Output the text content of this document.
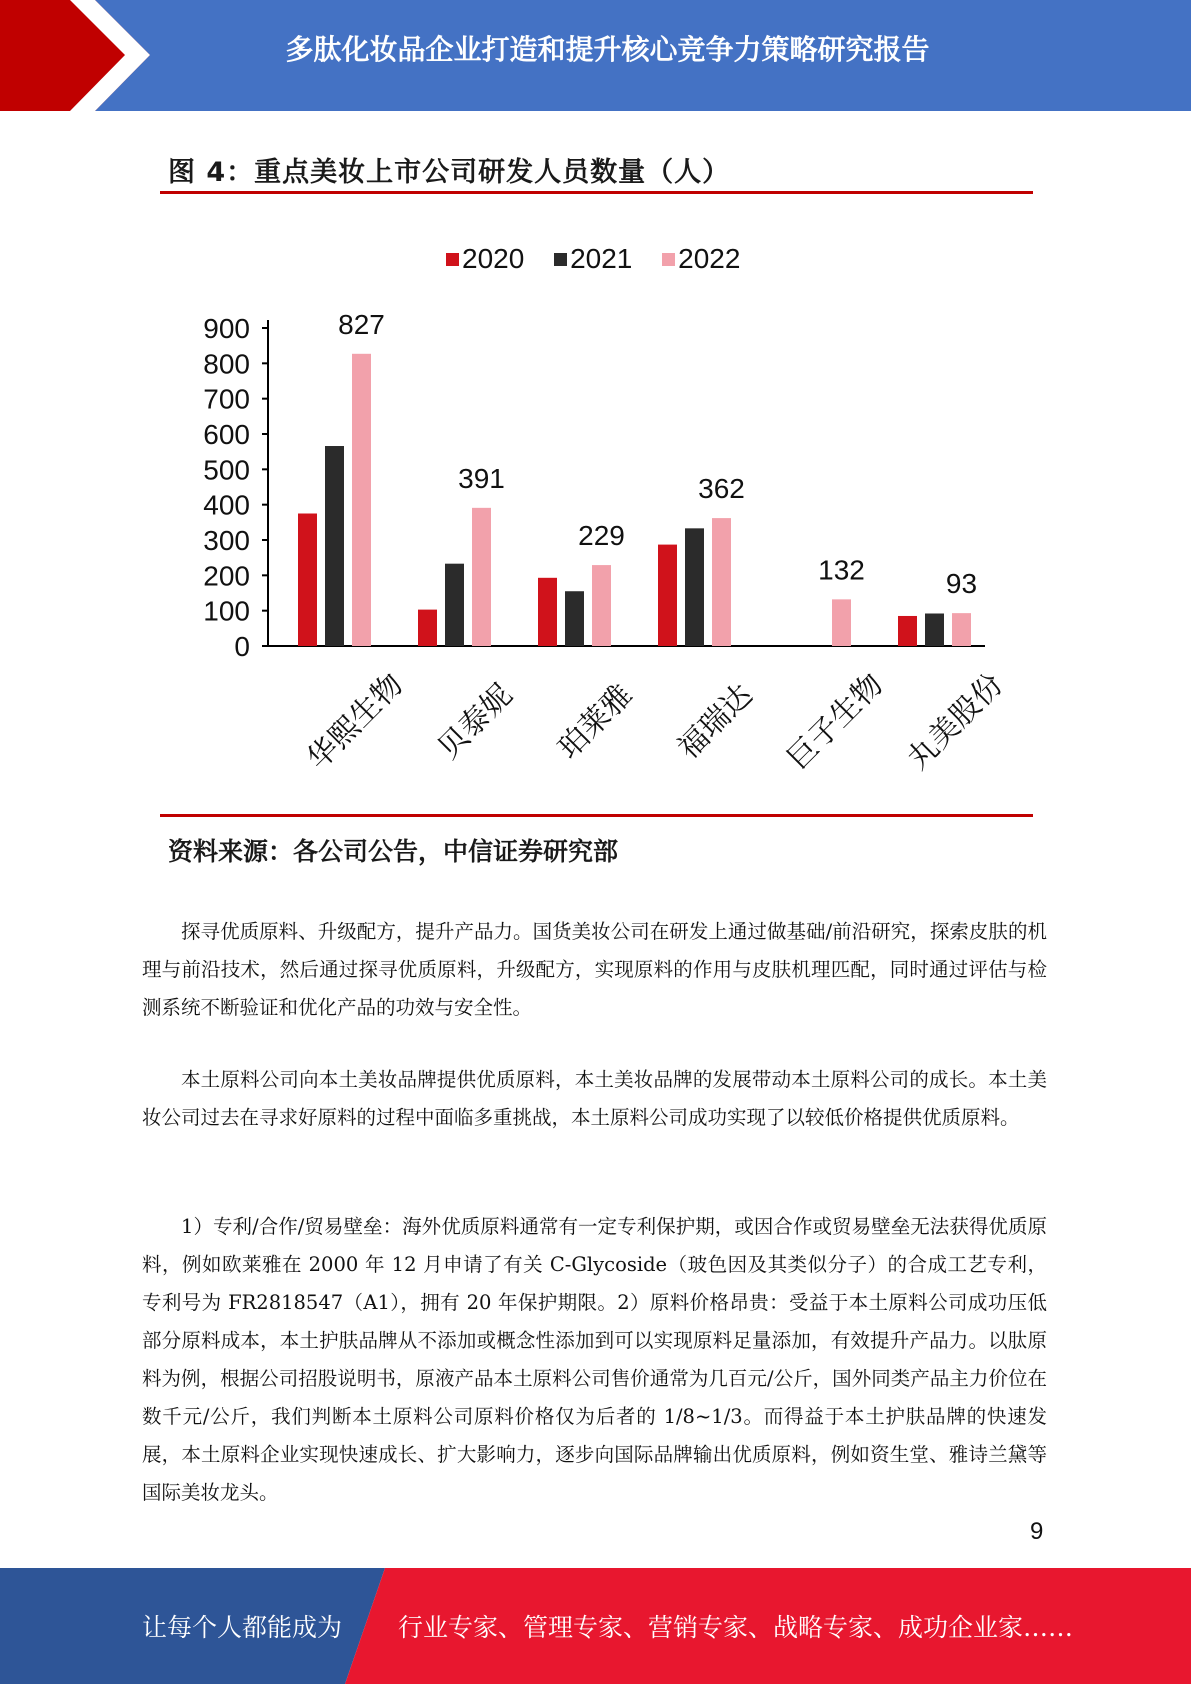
多肽化妆品企业打造和提升核心竞争力策略研究报告
图 4：重点美妆上市公司研发人员数量（人）
2020 2021 2022
0
100
200
300
400
500
600
700
800
900	827
华熙生物
391
贝泰妮
229
珀莱雅
362
福瑞达
132
巨子生物
93
丸美股份
资料来源：各公司公告，中信证券研究部

探寻优质原料、升级配方，提升产品力。国货美妆公司在研发上通过做基础/前沿研究，探索皮肤的机理与前沿技术，然后通过探寻优质原料，升级配方，实现原料的作用与皮肤机理匹配，同时通过评估与检测系统不断验证和优化产品的功效与安全性。

本土原料公司向本土美妆品牌提供优质原料，本土美妆品牌的发展带动本土原料公司的成长。本土美妆公司过去在寻求好原料的过程中面临多重挑战，本土原料公司成功实现了以较低价格提供优质原料。

1）专利/合作/贸易壁垒：海外优质原料通常有一定专利保护期，或因合作或贸易壁垒无法获得优质原料，例如欧莱雅在 2000 年 12 月申请了有关 C-Glycoside（玻色因及其类似分子）的合成工艺专利，专利号为 FR2818547（A1），拥有 20 年保护期限。2）原料价格昂贵：受益于本土原料公司成功压低部分原料成本，本土护肤品牌从不添加或概念性添加到可以实现原料足量添加，有效提升产品力。以肽原料为例，根据公司招股说明书，原液产品本土原料公司售价通常为几百元/公斤，国外同类产品主力价位在数千元/公斤，我们判断本土原料公司原料价格仅为后者的 1/8~1/3。而得益于本土护肤品牌的快速发展，本土原料企业实现快速成长、扩大影响力，逐步向国际品牌输出优质原料，例如资生堂、雅诗兰黛等国际美妆龙头。

9
让每个人都能成为 行业专家、管理专家、营销专家、战略专家、成功企业家……
